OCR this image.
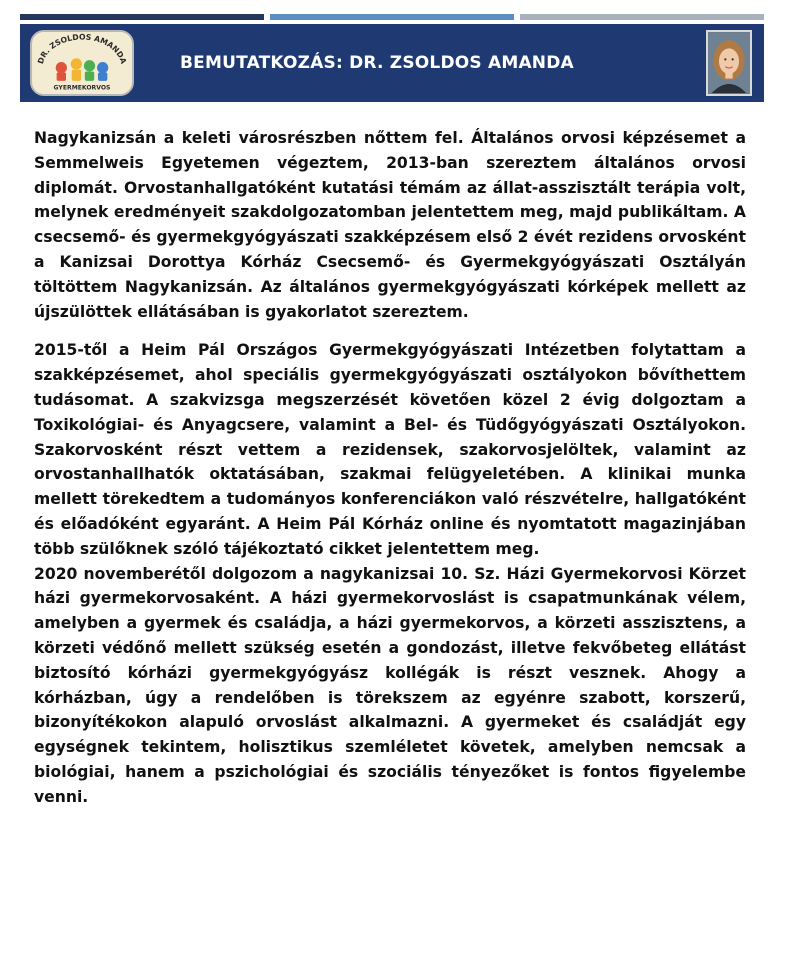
DR. ZSOLDOS AMANDA
GYERMEKORVOS
BEMUTATKOZÁS: DR. ZSOLDOS AMANDA

Nagykanizsán a keleti városrészben nőttem fel. Általános orvosi képzésemet a Semmelweis Egyetemen végeztem, 2013-ban szereztem általános orvosi diplomát. Orvostanhallgatóként kutatási témám az állat-asszisztált terápia volt, melynek eredményeit szakdolgozatomban jelentettem meg, majd publikáltam. A csecsemő- és gyermekgyógyászati szakképzésem első 2 évét rezidens orvosként a Kanizsai Dorottya Kórház Csecsemő- és Gyermekgyógyászati Osztályán töltöttem Nagykanizsán. Az általános gyermekgyógyászati kórképek mellett az újszülöttek ellátásában is gyakorlatot szereztem.

2015-től a Heim Pál Országos Gyermekgyógyászati Intézetben folytattam a szakképzésemet, ahol speciális gyermekgyógyászati osztályokon bővíthettem tudásomat. A szakvizsga megszerzését követően közel 2 évig dolgoztam a Toxikológiai- és Anyagcsere, valamint a Bel- és Tüdőgyógyászati Osztályokon. Szakorvosként részt vettem a rezidensek, szakorvosjelöltek, valamint az orvostanhallhatók oktatásában, szakmai felügyeletében. A klinikai munka mellett törekedtem a tudományos konferenciákon való részvételre, hallgatóként és előadóként egyaránt. A Heim Pál Kórház online és nyomtatott magazinjában több szülőknek szóló tájékoztató cikket jelentettem meg.

2020 novemberétől dolgozom a nagykanizsai 10. Sz. Házi Gyermekorvosi Körzet házi gyermekorvosaként. A házi gyermekorvoslást is csapatmunkának vélem, amelyben a gyermek és családja, a házi gyermekorvos, a körzeti asszisztens, a körzeti védőnő mellett szükség esetén a gondozást, illetve fekvőbeteg ellátást biztosító kórházi gyermekgyógyász kollégák is részt vesznek. Ahogy a kórházban, úgy a rendelőben is törekszem az egyénre szabott, korszerű, bizonyítékokon alapuló orvoslást alkalmazni. A gyermeket és családját egy egységnek tekintem, holisztikus szemléletet követek, amelyben nemcsak a biológiai, hanem a pszichológiai és szociális tényezőket is fontos figyelembe venni.
